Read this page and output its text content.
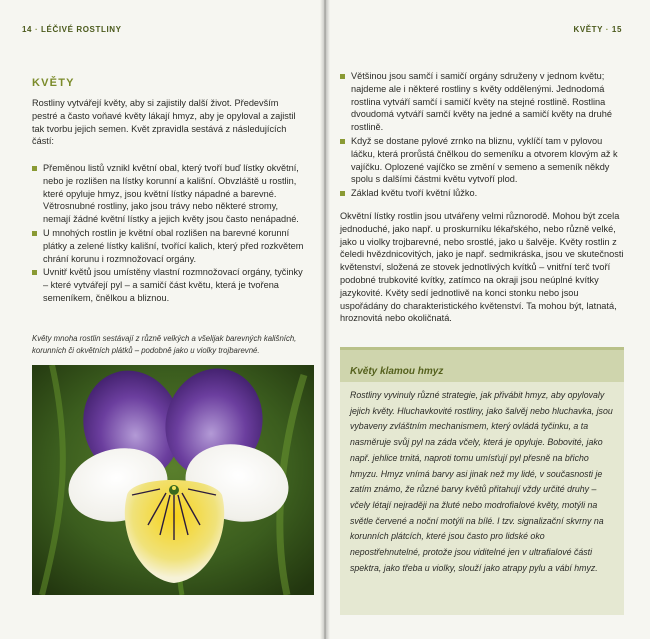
14 · LÉČIVÉ ROSTLINY
KVĚTY
Rostliny vytvářejí květy, aby si zajistily další život. Především pestré a často voňavé květy lákají hmyz, aby je opyloval a zajistil tak tvorbu jejich semen. Květ zpravidla sestává z následujících částí:
Přeměnou listů vznikl květní obal, který tvoří buď lístky okvětní, nebo je rozlišen na lístky korunní a kališní. Obvzláště u rostlin, které opyluje hmyz, jsou květní lístky nápadné a barevné. Větrosnubné rostliny, jako jsou trávy nebo některé stromy, nemají žádné květní lístky a jejich květy jsou často nenápadné.
U mnohých rostlin je květní obal rozlišen na barevné korunní plátky a zelené lístky kališní, tvořící kalich, který před rozkvětem chrání korunu i rozmnožovací orgány.
Uvnitř květů jsou umístěny vlastní rozmnožovací orgány, tyčinky – které vytvářejí pyl – a samičí část květu, která je tvořena semeníkem, čnělkou a bliznou.
Květy mnoha rostlin sestávají z různě velkých a všelijak barevných kališních, korunních či okvětních plátků – podobně jako u violky trojbarevné.
KVĚTY · 15
Většinou jsou samčí i samičí orgány sdruženy v jednom květu; najdeme ale i některé rostliny s květy oddělenými. Jednodomá rostlina vytváří samčí i samičí květy na stejné rostlině. Rostlina dvoudomá vytváří samčí květy na jedné a samičí květy na druhé rostlině.
Když se dostane pylové zrnko na bliznu, vyklíčí tam v pylovou láčku, která prorůstá čnělkou do semeníku a otvorem klovým až k vajíčku. Oplozené vajíčko se změní v semeno a semeník někdy spolu s dalšími částmi květu vytvoří plod.
Základ květu tvoří květní lůžko.
Okvětní lístky rostlin jsou utvářeny velmi různorodě. Mohou být zcela jednoduché, jako např. u proskurníku lékařského, nebo různě velké, jako u violky trojbarevné, nebo srostlé, jako u šalvěje. Květy rostlin z čeledi hvězdnicovitých, jako je např. sedmikráska, jsou ve skutečnosti květenství, složená ze stovek jednotlivých kvítků – vnitřní terč tvoří podobné trubkovité kvítky, zatímco na okraji jsou neúplné kvítky jazykovité. Květy sedí jednotlivě na konci stonku nebo jsou uspořádány do charakteristického květenství. Ta mohou být, latnatá, hroznovitá nebo okoličnatá.
Květy klamou hmyz
Rostliny vyvinuly různé strategie, jak přivábit hmyz, aby opylovaly jejich květy. Hluchavkovité rostliny, jako šalvěj nebo hluchavka, jsou vybaveny zvláštním mechanismem, který ovládá tyčinku, a ta nasměruje svůj pyl na záda včely, která je opyluje. Bobovité, jako např. jehlice trnitá, naproti tomu umísťují pyl přesně na břicho hmyzu. Hmyz vnímá barvy asi jinak než my lidé, v současnosti je zatím známo, že různé barvy květů přitahují vždy určité druhy – včely létají nejraději na žluté nebo modrofialové květy, motýli na světle červené a noční motýli na bílé. I tzv. signalizační skvrny na korunních plátcích, které jsou často pro lidské oko nepostřehnutelné, protože jsou viditelné jen v ultrafialové části spektra, jako třeba u violky, slouží jako atrapy pylu a vábí hmyz.
